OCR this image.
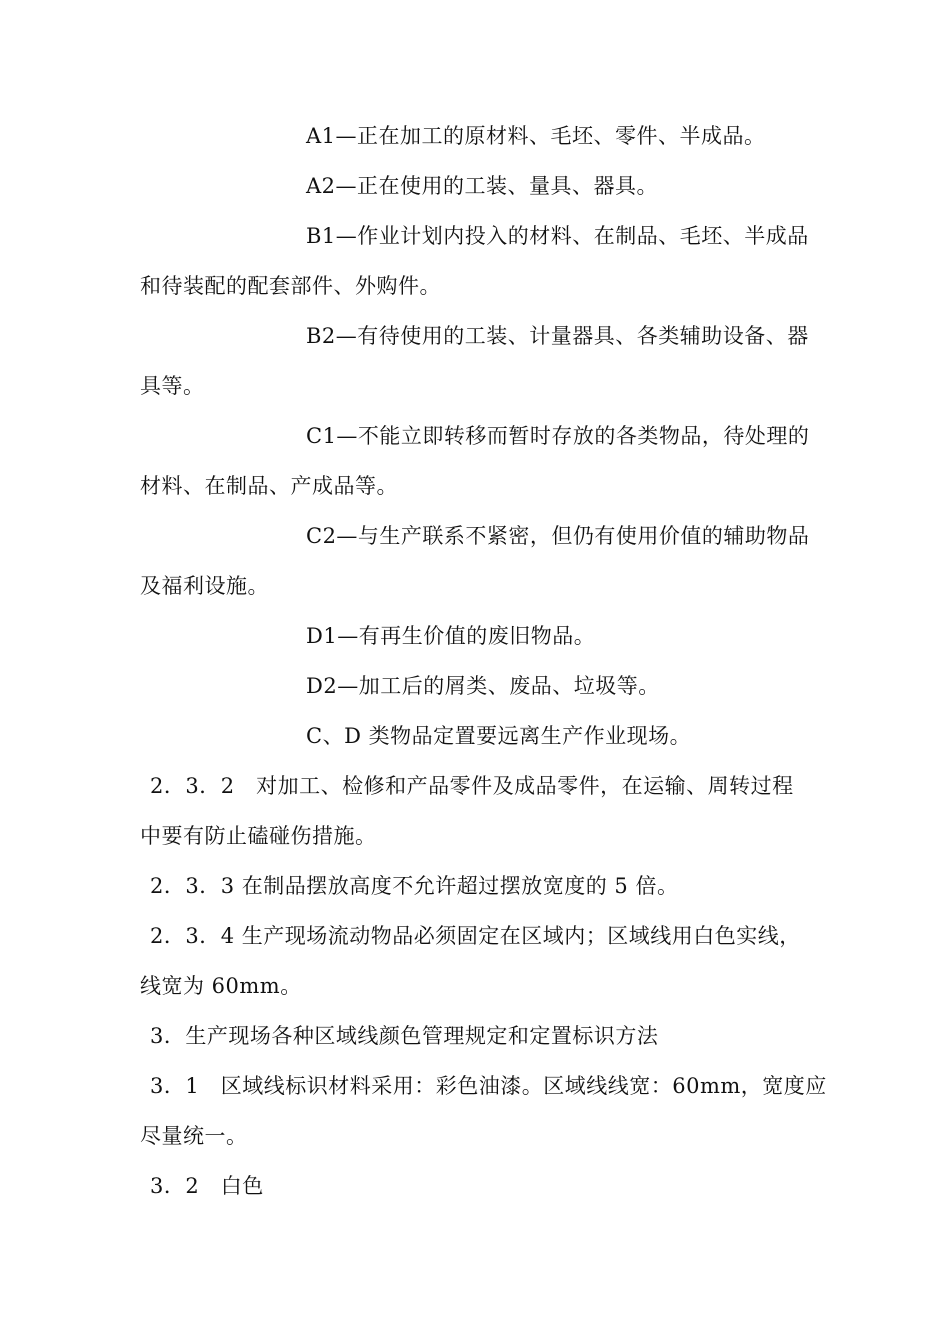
A1—正在加工的原材料、毛坯、零件、半成品。
A2—正在使用的工装、量具、器具。
B1—作业计划内投入的材料、在制品、毛坯、半成品
和待装配的配套部件、外购件。
B2—有待使用的工装、计量器具、各类辅助设备、器
具等。
C1—不能立即转移而暂时存放的各类物品，待处理的
材料、在制品、产成品等。
C2—与生产联系不紧密，但仍有使用价值的辅助物品
及福利设施。
D1—有再生价值的废旧物品。
D2—加工后的屑类、废品、垃圾等。
C、D 类物品定置要远离生产作业现场。
2．3．2　对加工、检修和产品零件及成品零件，在运输、周转过程
中要有防止磕碰伤措施。
2．3．3 在制品摆放高度不允许超过摆放宽度的 5 倍。
2．3．4 生产现场流动物品必须固定在区域内；区域线用白色实线，
线宽为 60mm。
3．生产现场各种区域线颜色管理规定和定置标识方法
3．1　区域线标识材料采用：彩色油漆。区域线线宽：60mm，宽度应
尽量统一。
3．2　白色
